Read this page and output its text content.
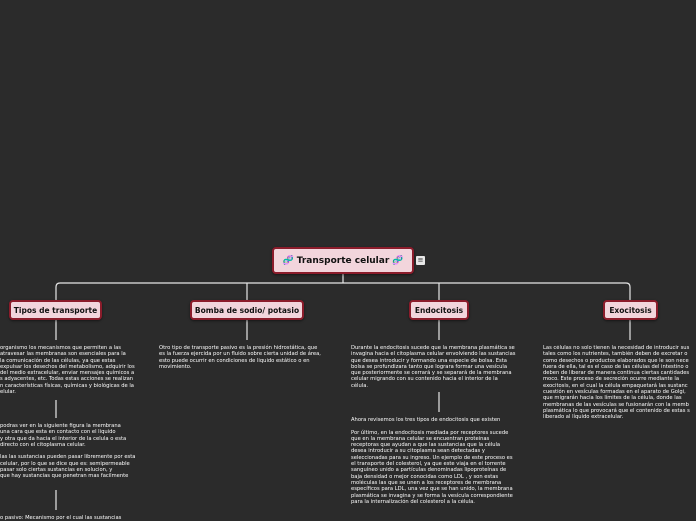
🧬 Transporte celular 🧬 ≡
Tipos de transporte	Bomba de sodio/ potasio	Endocitosis	Exocitosis
organismo los mecanismos que permiten a las
atravesar las membranas son esenciales para la
la comunicación de las células, ya que estas
expulsar los desechos del metabolismo, adquirir los
del medio extracelular, enviar mensajes químicos a
s adyacentes, etc. Todas estas acciones se realizan
n características físicas, químicas y biológicas de la
elular.
podras ver en la siguiente figura la membrana
una cara que esta en contacto con el liquido
y otra que da hacia el interior de la celula o esta
directo con el citoplasma celular.

las las sustancias pueden pasar libremente por esta
celular, por lo que se dice que es: semipermeable
pasar solo ciertas sustancias en solucion, y
que hay sustancias que penetran mas facilmente
o pasivo: Mecanismo por el cual las sustancias
Otro tipo de transporte pasivo es la presión hidrostática, que
es la fuerza ejercida por un fluido sobre cierta unidad de área,
esto puede ocurrir en condiciones de liquido estático o en
movimiento.
Durante la endocitosis sucede que la membrana plasmática se
invagina hacia el citoplasma celular envolviendo las sustancias
que desea introducir y formando una especie de bolsa. Esta
bolsa se profundizara tanto que lograra formar una vesícula
que posteriormente se cerrará y se separará de la membrana
celular migrando con su contenido hacia el interior de la
célula.
Ahora revisemos los tres tipos de endocitosis que existen

Por último, en la endocitosis mediada por receptores sucede
que en la membrana celular se encuentran proteinas
receptoras que ayudan a que las sustancias que la célula
desea introducir a su citoplasma sean detectadas y
seleccionadas para su ingreso. Un ejemplo de este proceso es
el transporte del colesterol, ya que este viaja en el torrente
sanguíneo unido a partículas denominadas lipoproteínas de
baja densidad o mejor conocidas como LDL , y son estas
moléculas las que se unen a los receptores de membrana
específicos para LDL, una vez que se han unido, la membrana
plasmática se invagina y se forma la vesícula correspondiente
para la internalización del colesterol a la célula.
Las células no solo tienen la necesidad de introducir sus
tales como los nutrientes, también deben de excretar o
como desechos o productos elaborados que le son nece
fuera de ella, tal es el caso de las células del intestino o
deben de liberar de manera continua ciertas cantidades
moco. Este proceso de secreción ocurre mediante la
exocitosis, en el cual la célula empaquetará las sustanc
cuestión en vesículas formadas en el aparato de Golgi,
que migrarán hacia los límites de la célula, donde las
membranas de las vesículas se fusionarán con la memb
plasmática lo que provocará que el contenido de estas s
liberado al líquido extracelular.
